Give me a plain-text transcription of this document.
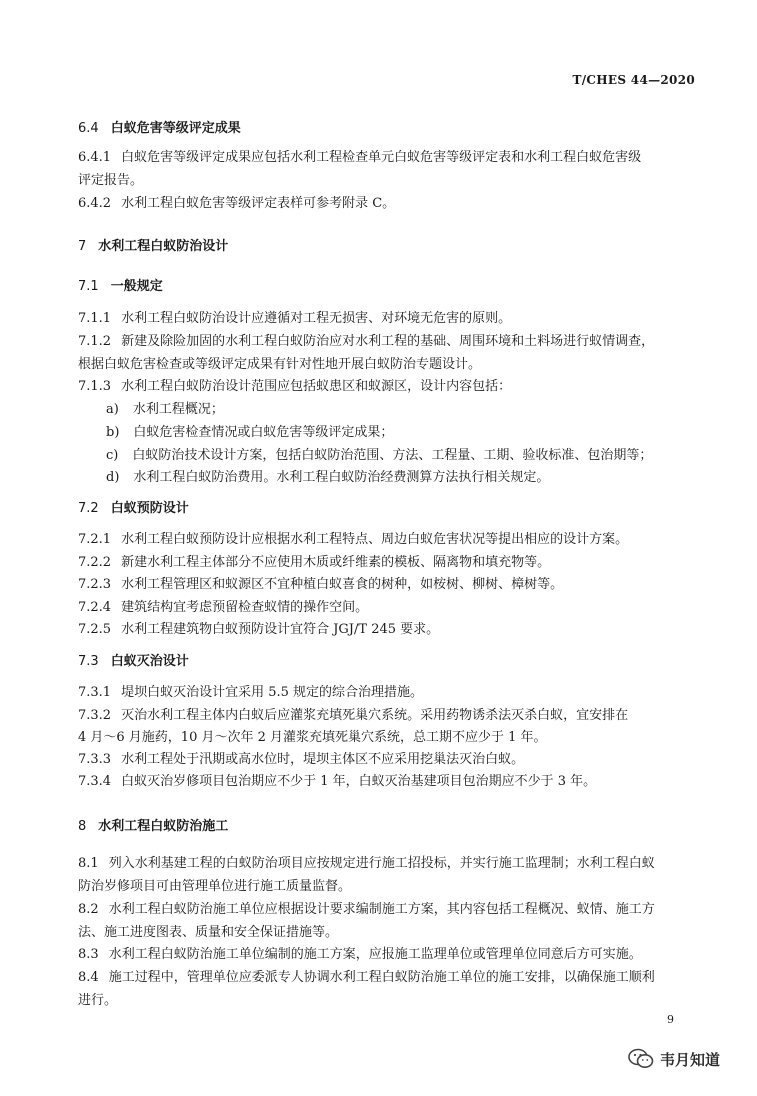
T/CHES 44—2020
6.4 白蚁危害等级评定成果
6.4.1 白蚁危害等级评定成果应包括水利工程检查单元白蚁危害等级评定表和水利工程白蚁危害级
评定报告。
6.4.2 水利工程白蚁危害等级评定表样可参考附录 C。
7 水利工程白蚁防治设计
7.1 一般规定
7.1.1 水利工程白蚁防治设计应遵循对工程无损害、对环境无危害的原则。
7.1.2 新建及除险加固的水利工程白蚁防治应对水利工程的基础、周围环境和土料场进行蚁情调查，
根据白蚁危害检查或等级评定成果有针对性地开展白蚁防治专题设计。
7.1.3 水利工程白蚁防治设计范围应包括蚁患区和蚁源区，设计内容包括：
a) 水利工程概况；
b) 白蚁危害检查情况或白蚁危害等级评定成果；
c) 白蚁防治技术设计方案，包括白蚁防治范围、方法、工程量、工期、验收标准、包治期等；
d) 水利工程白蚁防治费用。水利工程白蚁防治经费测算方法执行相关规定。
7.2 白蚁预防设计
7.2.1 水利工程白蚁预防设计应根据水利工程特点、周边白蚁危害状况等提出相应的设计方案。
7.2.2 新建水利工程主体部分不应使用木质或纤维素的模板、隔离物和填充物等。
7.2.3 水利工程管理区和蚁源区不宜种植白蚁喜食的树种，如桉树、柳树、樟树等。
7.2.4 建筑结构宜考虑预留检查蚁情的操作空间。
7.2.5 水利工程建筑物白蚁预防设计宜符合 JGJ/T 245 要求。
7.3 白蚁灭治设计
7.3.1 堤坝白蚁灭治设计宜采用 5.5 规定的综合治理措施。
7.3.2 灭治水利工程主体内白蚁后应灌浆充填死巢穴系统。采用药物诱杀法灭杀白蚁，宜安排在
4 月～6 月施药，10 月～次年 2 月灌浆充填死巢穴系统，总工期不应少于 1 年。
7.3.3 水利工程处于汛期或高水位时，堤坝主体区不应采用挖巢法灭治白蚁。
7.3.4 白蚁灭治岁修项目包治期应不少于 1 年，白蚁灭治基建项目包治期应不少于 3 年。
8 水利工程白蚁防治施工
8.1 列入水利基建工程的白蚁防治项目应按规定进行施工招投标，并实行施工监理制；水利工程白蚁
防治岁修项目可由管理单位进行施工质量监督。
8.2 水利工程白蚁防治施工单位应根据设计要求编制施工方案，其内容包括工程概况、蚁情、施工方
法、施工进度图表、质量和安全保证措施等。
8.3 水利工程白蚁防治施工单位编制的施工方案，应报施工监理单位或管理单位同意后方可实施。
8.4 施工过程中，管理单位应委派专人协调水利工程白蚁防治施工单位的施工安排，以确保施工顺利
进行。
9
韦月知道
